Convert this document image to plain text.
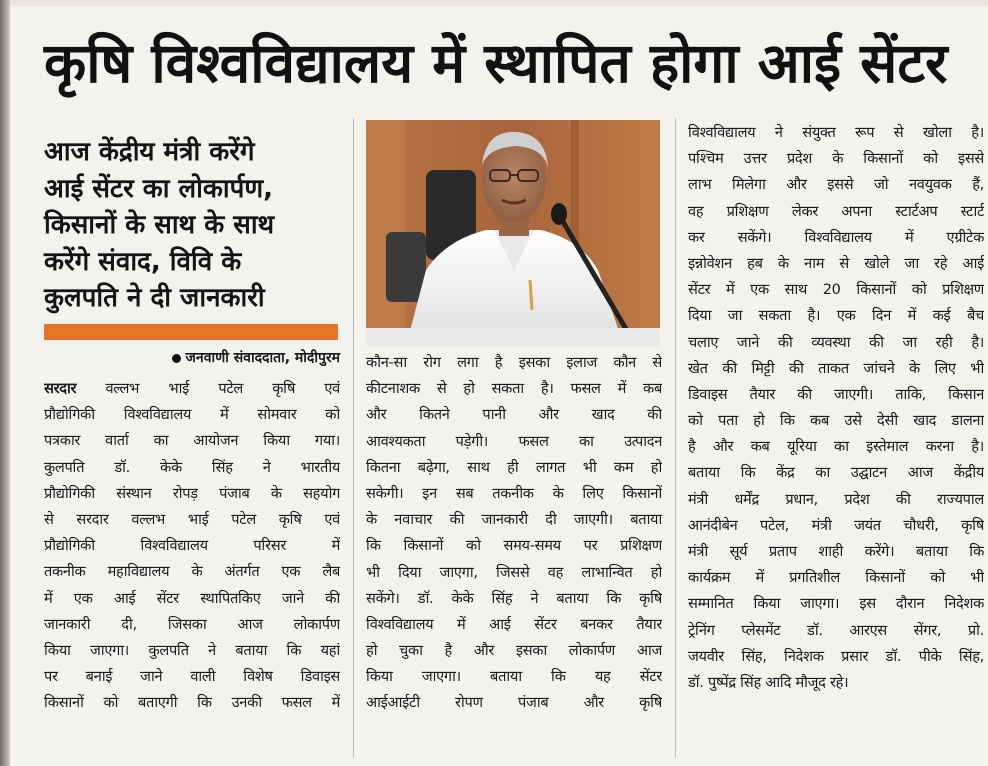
कृषि विश्वविद्यालय में स्थापित होगा आई सेंटर
आज केंद्रीय मंत्री करेंगे
आई सेंटर का लोकार्पण,
किसानों के साथ के साथ
करेंगे संवाद, विवि के
कुलपति ने दी जानकारी
जनवाणी संवाददाता, मोदीपुरम
सरदार वल्लभ भाई पटेल कृषि एवं
प्रौद्योगिकी विश्वविद्यालय में सोमवार को
पत्रकार वार्ता का आयोजन किया गया।
कुलपति डॉ. केके सिंह ने भारतीय
प्रौद्योगिकी संस्थान रोपड़ पंजाब के सहयोग
से सरदार वल्लभ भाई पटेल कृषि एवं
प्रौद्योगिकी विश्वविद्यालय परिसर में
तकनीक महाविद्यालय के अंतर्गत एक लैब
में एक आई सेंटर स्थापितकिए जाने की
जानकारी दी, जिसका आज लोकार्पण
किया जाएगा। कुलपति ने बताया कि यहां
पर बनाई जाने वाली विशेष डिवाइस
किसानों को बताएगी कि उनकी फसल में
कौन-सा रोग लगा है इसका इलाज कौन से
कीटनाशक से हो सकता है। फसल में कब
और कितने पानी और खाद की
आवश्यकता पड़ेगी। फसल का उत्पादन
कितना बढ़ेगा, साथ ही लागत भी कम हो
सकेगी। इन सब तकनीक के लिए किसानों
के नवाचार की जानकारी दी जाएगी। बताया
कि किसानों को समय-समय पर प्रशिक्षण
भी दिया जाएगा, जिससे वह लाभान्वित हो
सकेंगे। डॉ. केके सिंह ने बताया कि कृषि
विश्वविद्यालय में आई सेंटर बनकर तैयार
हो चुका है और इसका लोकार्पण आज
किया जाएगा। बताया कि यह सेंटर
आईआईटी रोपण पंजाब और कृषि
विश्वविद्यालय ने संयुक्त रूप से खोला है।
पश्चिम उत्तर प्रदेश के किसानों को इससे
लाभ मिलेगा और इससे जो नवयुवक हैं,
वह प्रशिक्षण लेकर अपना स्टार्टअप स्टार्ट
कर सकेंगे। विश्वविद्यालय में एग्रीटेक
इन्नोवेशन हब के नाम से खोले जा रहे आई
सेंटर में एक साथ 20 किसानों को प्रशिक्षण
दिया जा सकता है। एक दिन में कई बैच
चलाए जाने की व्यवस्था की जा रही है।
खेत की मिट्टी की ताकत जांचने के लिए भी
डिवाइस तैयार की जाएगी। ताकि, किसान
को पता हो कि कब उसे देसी खाद डालना
है और कब यूरिया का इस्तेमाल करना है।
बताया कि केंद्र का उद्घाटन आज केंद्रीय
मंत्री धर्मेंद्र प्रधान, प्रदेश की राज्यपाल
आनंदीबेन पटेल, मंत्री जयंत चौधरी, कृषि
मंत्री सूर्य प्रताप शाही करेंगे। बताया कि
कार्यक्रम में प्रगतिशील किसानों को भी
सम्मानित किया जाएगा। इस दौरान निदेशक
ट्रेनिंग प्लेसमेंट डॉ. आरएस सेंगर, प्रो.
जयवीर सिंह, निदेशक प्रसार डॉ. पीके सिंह,
डॉ. पुष्पेंद्र सिंह आदि मौजूद रहे।
